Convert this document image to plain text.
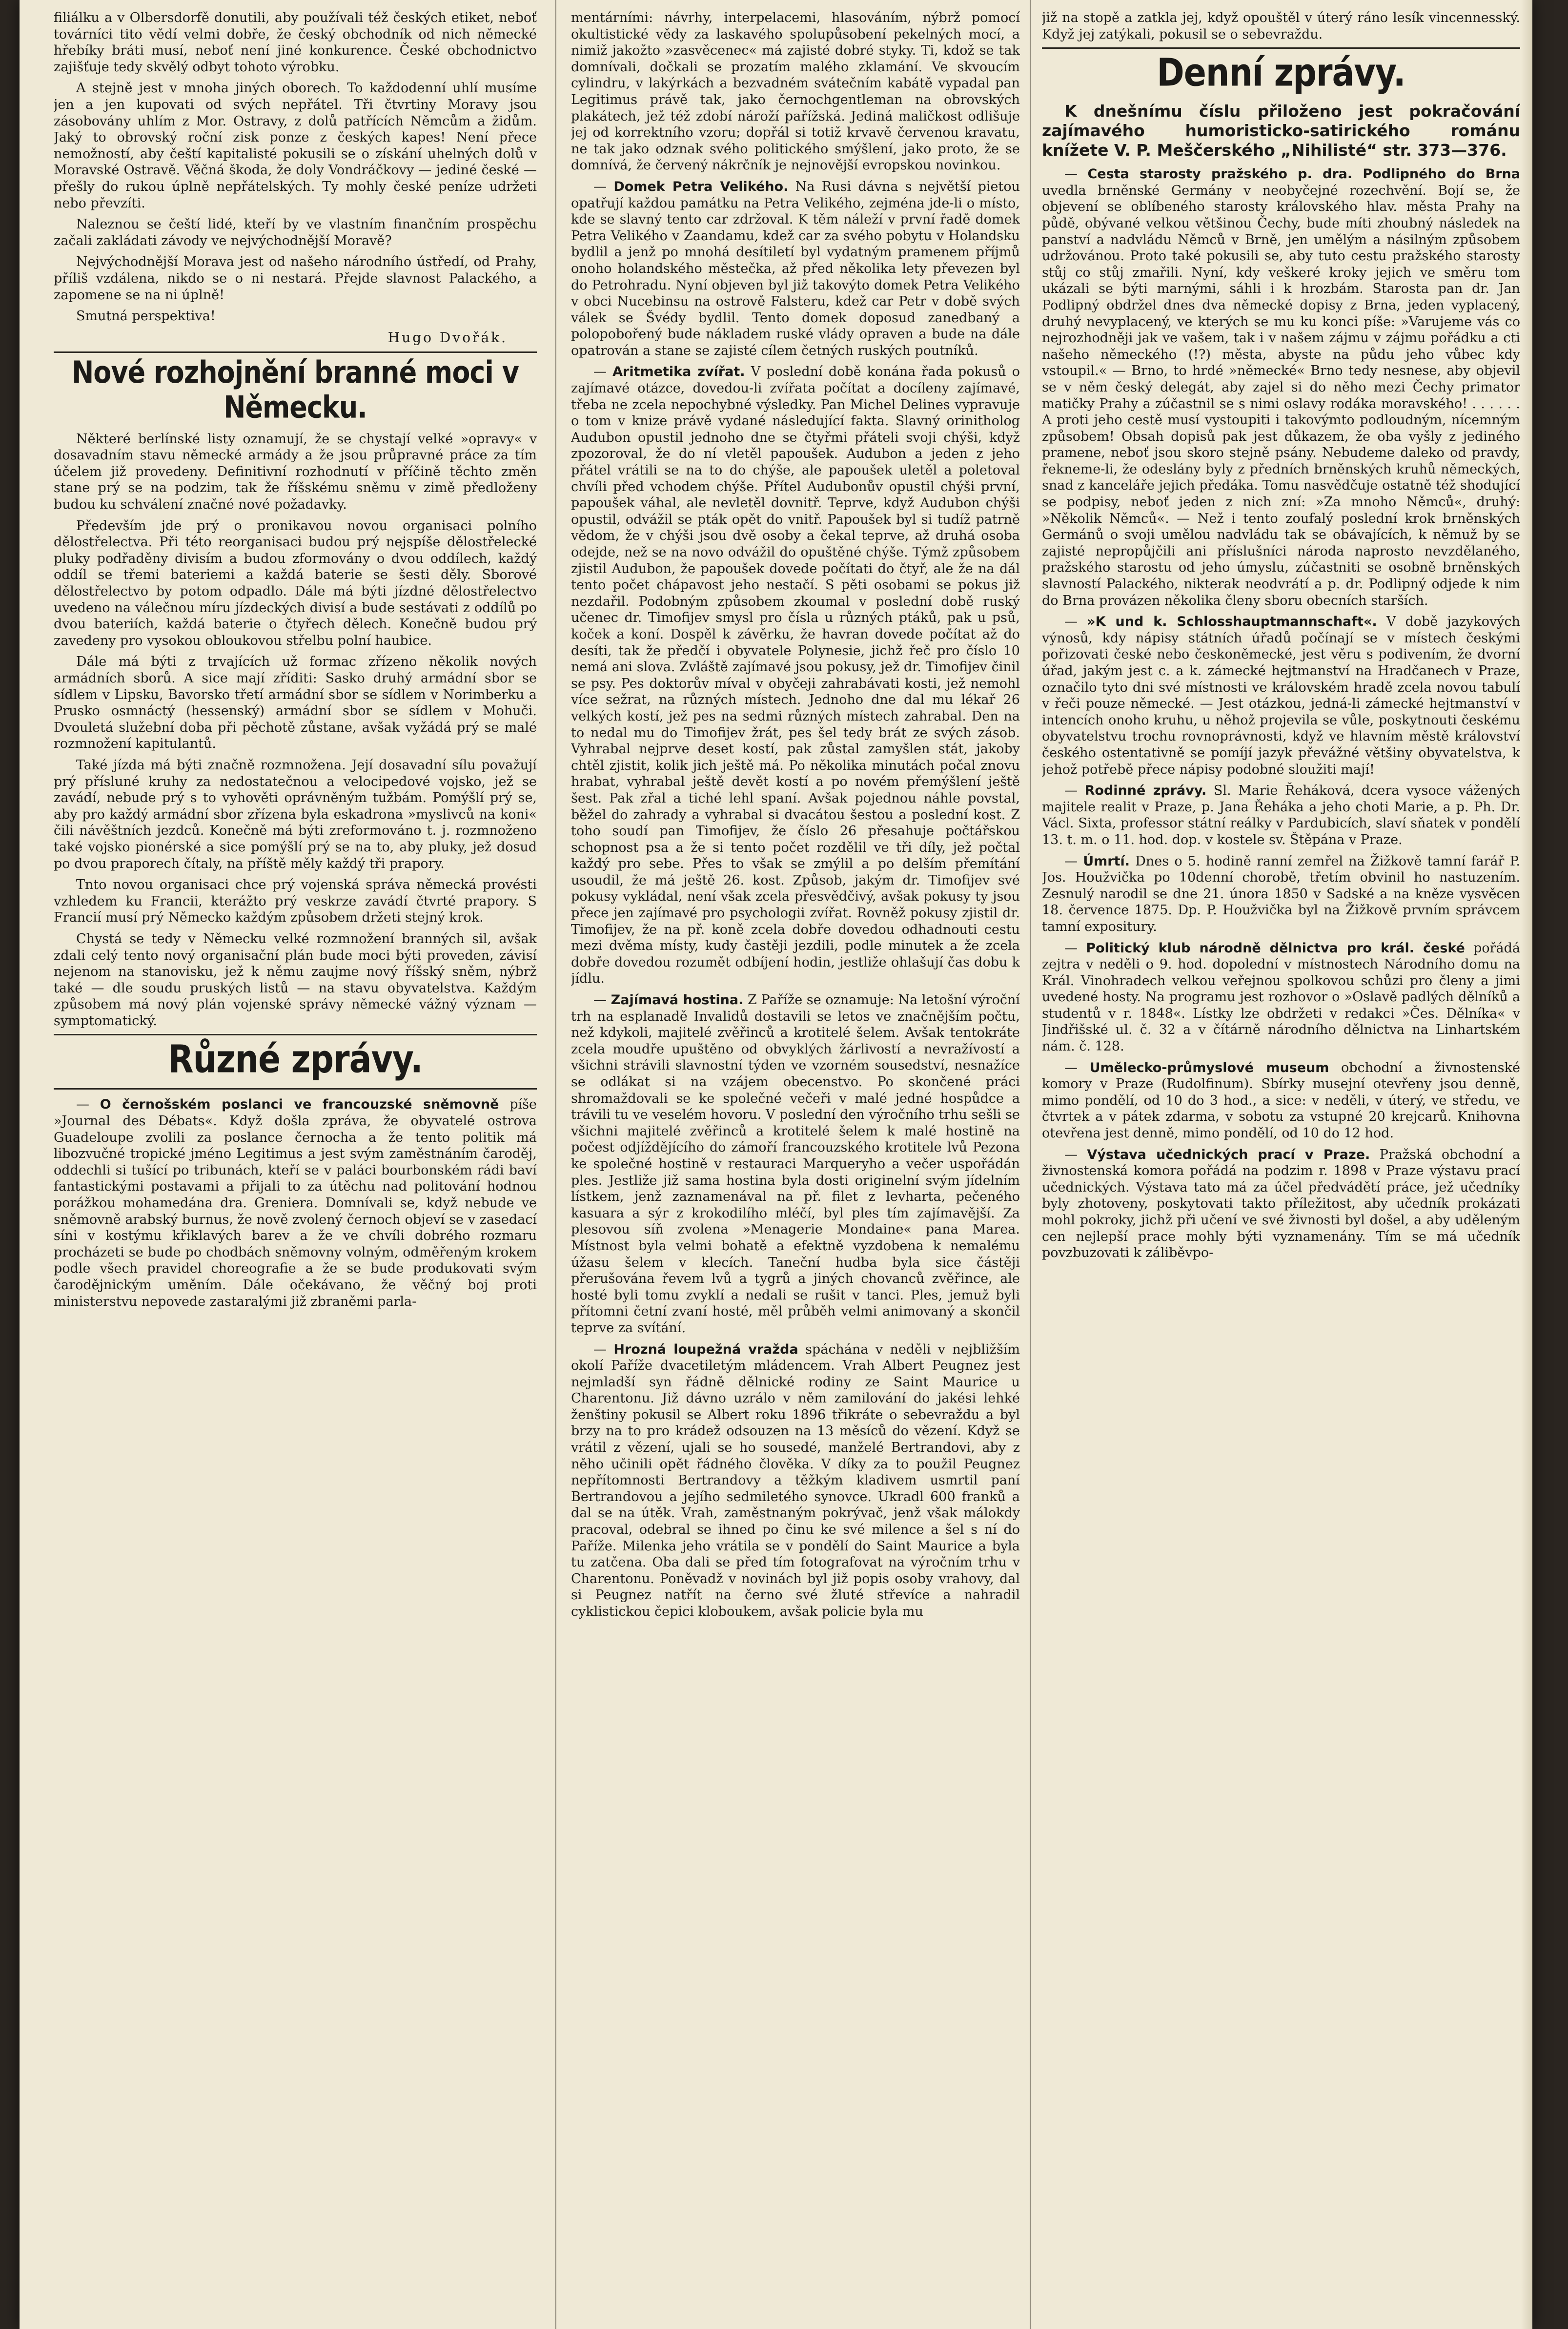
filiálku a v Olbersdorfě donutili, aby používali též českých etiket, neboť továrníci tito vědí velmi dobře, že český obchodník od nich německé hřebíky bráti musí, neboť není jiné konkurence. České obchodnictvo zajišťuje tedy skvělý odbyt tohoto výrobku.

A stejně jest v mnoha jiných oborech. To každodenní uhlí musíme jen a jen kupovati od svých nepřátel. Tři čtvrtiny Moravy jsou zásobovány uhlím z Mor. Ostravy, z dolů patřících Němcům a židům. Jaký to obrovský roční zisk ponze z českých kapes! Není přece nemožností, aby čeští kapitalisté pokusili se o získání uhelných dolů v Moravské Ostravě. Věčná škoda, že doly Vondráčkovy — jediné české — přešly do rukou úplně nepřátelských. Ty mohly české peníze udržeti nebo převzíti.

Naleznou se čeští lidé, kteří by ve vlastním finančním prospěchu začali zakládati závody ve nejvýchodnější Moravě?

Nejvýchodnější Morava jest od našeho národního ústředí, od Prahy, příliš vzdálena, nikdo se o ni nestará. Přejde slavnost Palackého, a zapomene se na ni úplně!

Smutná perspektiva!

Hugo Dvořák.
Nové rozhojnění branné moci v Německu.

Některé berlínské listy oznamují, že se chystají velké »opravy« v dosavadním stavu německé armády a že jsou průpravné práce za tím účelem již provedeny. Definitivní rozhodnutí v příčině těchto změn stane prý se na podzim, tak že říšskému sněmu v zimě předloženy budou ku schválení značné nové požadavky.

Především jde prý o pronikavou novou organisaci polního dělostřelectva. Při této reorganisaci budou prý nejspíše dělostřelecké pluky podřaděny divisím a budou zformovány o dvou oddílech, každý oddíl se třemi bateriemi a každá baterie se šesti děly. Sborové dělostřelectvo by potom odpadlo. Dále má býti jízdné dělostřelectvo uvedeno na válečnou míru jízdeckých divisí a bude sestávati z oddílů po dvou bateriích, každá baterie o čtyřech dělech. Konečně budou prý zavedeny pro vysokou obloukovou střelbu polní haubice.

Dále má býti z trvajících už formac zřízeno několik nových armádních sborů. A sice mají zříditi: Sasko druhý armádní sbor se sídlem v Lipsku, Bavorsko třetí armádní sbor se sídlem v Norimberku a Prusko osmnáctý (hessenský) armádní sbor se sídlem v Mohuči. Dvouletá služební doba při pěchotě zůstane, avšak vyžádá prý se malé rozmnožení kapitulantů.

Také jízda má býti značně rozmnožena. Její dosavadní sílu považují prý přísluné kruhy za nedostatečnou a velocipedové vojsko, jež se zavádí, nebude prý s to vyhověti oprávněným tužbám. Pomýšlí prý se, aby pro každý armádní sbor zřízena byla eskadrona »myslivců na koni« čili návěštních jezdců. Konečně má býti zreformováno t. j. rozmnoženo také vojsko pionérské a sice pomýšlí prý se na to, aby pluky, jež dosud po dvou praporech čítaly, na příště měly každý tři prapory.

Tnto novou organisaci chce prý vojenská správa německá provésti vzhledem ku Francii, kterážto prý veskrze zavádí čtvrté prapory. S Francií musí prý Německo každým způsobem držeti stejný krok.

Chystá se tedy v Německu velké rozmnožení branných sil, avšak zdali celý tento nový organisační plán bude moci býti proveden, závisí nejenom na stanovisku, jež k němu zaujme nový říšský sněm, nýbrž také — dle soudu pruských listů — na stavu obyvatelstva. Každým způsobem má nový plán vojenské správy německé vážný význam — symptomatický.

Různé zprávy.

— O černošském poslanci ve francouzské sněmovně píše »Journal des Débats«. Když došla zpráva, že obyvatelé ostrova Guadeloupe zvolili za poslance černocha a že tento politik má libozvučné tropické jméno Legitimus a jest svým zaměstnáním čaroděj, oddechli si tušící po tribunách, kteří se v paláci bourbonském rádi baví fantastickými postavami a přijali to za útěchu nad politování hodnou porážkou mohamedána dra. Greniera. Domnívali se, když nebude ve sněmovně arabský burnus, že nově zvolený černoch objeví se v zasedací síni v kostýmu křiklavých barev a že ve chvíli dobrého rozmaru procházeti se bude po chodbách sněmovny volným, odměřeným krokem podle všech pravidel choreografie a že se bude produkovati svým čarodějnickým uměním. Dále očekávano, že věčný boj proti ministerstvu nepovede zastaralými již zbraněmi parla-

mentárními: návrhy, interpelacemi, hlasováním, nýbrž pomocí okultistické vědy za laskavého spolupůsobení pekelných mocí, a nimiž jakožto »zasvěcenec« má zajisté dobré styky. Ti, kdož se tak domnívali, dočkali se prozatím malého zklamání. Ve skvoucím cylindru, v lakýrkách a bezvadném svátečním kabátě vypadal pan Legitimus právě tak, jako černochgentleman na obrovských plakátech, jež též zdobí nároží pařížská. Jediná maličkost odlišuje jej od korrektního vzoru; dopřál si totiž krvavě červenou kravatu, ne tak jako odznak svého politického smýšlení, jako proto, že se domnívá, že červený nákrčník je nejnovější evropskou novinkou.

— Domek Petra Velikého. Na Rusi dávna s největší pietou opatřují každou památku na Petra Velikého, zejména jde-li o místo, kde se slavný tento car zdržoval. K těm náleží v první řadě domek Petra Velikého v Zaandamu, kdež car za svého pobytu v Holandsku bydlil a jenž po mnohá desítiletí byl vydatným pramenem příjmů onoho holandského městečka, až před několika lety převezen byl do Petrohradu. Nyní objeven byl již takovýto domek Petra Velikého v obci Nucebinsu na ostrově Falsteru, kdež car Petr v době svých válek se Švédy bydlil. Tento domek doposud zanedbaný a polopobořený bude nákladem ruské vlády opraven a bude na dále opatrován a stane se zajisté cílem četných ruských poutníků.

— Aritmetika zvířat. V poslední době konána řada pokusů o zajímavé otázce, dovedou-li zvířata počítat a docíleny zajímavé, třeba ne zcela nepochybné výsledky. Pan Michel Delines vypravuje o tom v knize právě vydané následující fakta. Slavný orinitholog Audubon opustil jednoho dne se čtyřmi přáteli svoji chýši, když zpozoroval, že do ní vletěl papoušek. Audubon a jeden z jeho přátel vrátili se na to do chýše, ale papoušek uletěl a poletoval chvíli před vchodem chýše. Přítel Audubonův opustil chýši první, papoušek váhal, ale nevletěl dovnitř. Teprve, když Audubon chýši opustil, odvážil se pták opět do vnitř. Papoušek byl si tudíž patrně vědom, že v chýši jsou dvě osoby a čekal teprve, až druhá osoba odejde, než se na novo odvážil do opuštěné chýše. Týmž způsobem zjistil Audubon, že papoušek dovede počítati do čtyř, ale že na dál tento počet chápavost jeho nestačí. S pěti osobami se pokus již nezdařil. Podobným způsobem zkoumal v poslední době ruský učenec dr. Timofijev smysl pro čísla u různých ptáků, pak u psů, koček a koní. Dospěl k závěrku, že havran dovede počítat až do desíti, tak že předčí i obyvatele Polynesie, jichž řeč pro číslo 10 nemá ani slova. Zvláště zajímavé jsou pokusy, jež dr. Timofijev činil se psy. Pes doktorův míval v obyčeji zahrabávati kosti, jež nemohl více sežrat, na různých místech. Jednoho dne dal mu lékař 26 velkých kostí, jež pes na sedmi různých místech zahrabal. Den na to nedal mu do Timofijev žrát, pes šel tedy brát ze svých zásob. Vyhrabal nejprve deset kostí, pak zůstal zamyšlen stát, jakoby chtěl zjistit, kolik jich ještě má. Po několika minutách počal znovu hrabat, vyhrabal ještě devět kostí a po novém přemýšlení ještě šest. Pak zřal a tiché lehl spaní. Avšak pojednou náhle povstal, běžel do zahrady a vyhrabal si dvacátou šestou a poslední kost. Z toho soudí pan Timofijev, že číslo 26 přesahuje počtářskou schopnost psa a že si tento počet rozdělil ve tři díly, jež počtal každý pro sebe. Přes to však se zmýlil a po delším přemítání usoudil, že má ještě 26. kost. Způsob, jakým dr. Timofijev své pokusy vykládal, není však zcela přesvědčivý, avšak pokusy ty jsou přece jen zajímavé pro psychologii zvířat. Rovněž pokusy zjistil dr. Timofijev, že na př. koně zcela dobře dovedou odhadnouti cestu mezi dvěma místy, kudy častěji jezdili, podle minutek a že zcela dobře dovedou rozumět odbíjení hodin, jestliže ohlašují čas dobu k jídlu.

— Zajímavá hostina. Z Paříže se oznamuje: Na letošní výroční trh na esplanadě Invalidů dostavili se letos ve značnějším počtu, než kdykoli, majitelé zvěřinců a krotitelé šelem. Avšak tentokráte zcela moudře upuštěno od obvyklých žárlivostí a nevražívostí a všichni strávili slavnostní týden ve vzorném sousedství, nesnažíce se odlákat si na vzájem obecenstvo. Po skončené práci shromaždovali se ke společné večeři v malé jedné hospůdce a trávili tu ve veselém hovoru. V poslední den výročního trhu sešli se všichni majitelé zvěřinců a krotitelé šelem k malé hostině na počest odjíždějícího do zámoří francouzského krotitele lvů Pezona ke společné hostině v restauraci Marqueryho a večer uspořádán ples. Jestliže již sama hostina byla dosti originelní svým jídelním lístkem, jenž zaznamenával na př. filet z levharta, pečeného kasuara a sýr z krokodilího mléčí, byl ples tím zajímavější. Za plesovou síň zvolena »Menagerie Mondaine« pana Marea. Místnost byla velmi bohatě a efektně vyzdobena k nemalému úžasu šelem v klecích. Taneční hudba byla sice částěji přerušována řevem lvů a tygrů a jiných chovanců zvěřince, ale hosté byli tomu zvyklí a nedali se rušit v tanci. Ples, jemuž byli přítomni četní zvaní hosté, měl průběh velmi animovaný a skončil teprve za svítání.

— Hrozná loupežná vražda spáchána v neděli v nejbližším okolí Paříže dvacetiletým mládencem. Vrah Albert Peugnez jest nejmladší syn řádně dělnické rodiny ze Saint Maurice u Charentonu. Již dávno uzrálo v něm zamilování do jakési lehké ženštiny pokusil se Albert roku 1896 třikráte o sebevraždu a byl brzy na to pro krádež odsouzen na 13 měsíců do vězení. Když se vrátil z vězení, ujali se ho sousedé, manželé Bertrandovi, aby z něho učinili opět řádného člověka. V díky za to použil Peugnez nepřítomnosti Bertrandovy a těžkým kladivem usmrtil paní Bertrandovou a jejího sedmiletého synovce. Ukradl 600 franků a dal se na útěk. Vrah, zaměstnaným pokrývač, jenž však málokdy pracoval, odebral se ihned po činu ke své milence a šel s ní do Paříže. Milenka jeho vrátila se v pondělí do Saint Maurice a byla tu zatčena. Oba dali se před tím fotografovat na výročním trhu v Charentonu. Poněvadž v novinách byl již popis osoby vrahovy, dal si Peugnez natřít na černo své žluté střevíce a nahradil cyklistickou čepici kloboukem, avšak policie byla mu

již na stopě a zatkla jej, když opouštěl v úterý ráno lesík vincennesský. Když jej zatýkali, pokusil se o sebevraždu.

Denní zprávy.
K dnešnímu číslu přiloženo jest pokračování zajímavého humoristicko-satirického románu knížete V. P. Meščerského „Nihilisté“ str. 373—376.

— Cesta starosty pražského p. dra. Podlipného do Brna uvedla brněnské Germány v neobyčejné rozechvění. Bojí se, že objevení se oblíbeného starosty královského hlav. města Prahy na půdě, obývané velkou většinou Čechy, bude míti zhoubný následek na panství a nadvládu Němců v Brně, jen umělým a násilným způsobem udržovánou. Proto také pokusili se, aby tuto cestu pražského starosty stůj co stůj zmařili. Nyní, kdy veškeré kroky jejich ve směru tom ukázali se býti marnými, sáhli i k hrozbám. Starosta pan dr. Jan Podlipný obdržel dnes dva německé dopisy z Brna, jeden vyplacený, druhý nevyplacený, ve kterých se mu ku konci píše: »Varujeme vás co nejrozhodněji jak ve vašem, tak i v našem zájmu v zájmu pořádku a cti našeho německého (!?) města, abyste na půdu jeho vůbec kdy vstoupil.« — Brno, to hrdé »německé« Brno tedy nesnese, aby objevil se v něm český delegát, aby zajel si do něho mezi Čechy primator matičky Prahy a zúčastnil se s nimi oslavy rodáka moravského! . . . . . . A proti jeho cestě musí vystoupiti i takovýmto podloudným, nícemným způsobem! Obsah dopisů pak jest důkazem, že oba vyšly z jediného pramene, neboť jsou skoro stejně psány. Nebudeme daleko od pravdy, řekneme-li, že odeslány byly z předních brněnských kruhů německých, snad z kanceláře jejich předáka. Tomu nasvědčuje ostatně též shodující se podpisy, neboť jeden z nich zní: »Za mnoho Němců«, druhý: »Několik Němců«. — Než i tento zoufalý poslední krok brněnských Germánů o svoji umělou nadvládu tak se obávajících, k němuž by se zajisté nepropůjčili ani příslušníci národa naprosto nevzdělaného, pražského starostu od jeho úmyslu, zúčastniti se osobně brněnských slavností Palackého, nikterak neodvrátí a p. dr. Podlipný odjede k nim do Brna provázen několika členy sboru obecních starších.

— »K und k. Schlosshauptmannschaft«. V době jazykových výnosů, kdy nápisy státních úřadů počínají se v místech českými pořizovati české nebo českoněmecké, jest věru s podivením, že dvorní úřad, jakým jest c. a k. zámecké hejtmanství na Hradčanech v Praze, označilo tyto dni své místnosti ve královském hradě zcela novou tabulí v řeči pouze německé. — Jest otázkou, jedná-li zámecké hejtmanství v intencích onoho kruhu, u něhož projevila se vůle, poskytnouti českému obyvatelstvu trochu rovnoprávnosti, když ve hlavním městě království českého ostentativně se pomíjí jazyk převážné většiny obyvatelstva, k jehož potřebě přece nápisy podobné sloužiti mají!

— Rodinné zprávy. Sl. Marie Řeháková, dcera vysoce vážených majitele realit v Praze, p. Jana Řeháka a jeho choti Marie, a p. Ph. Dr. Václ. Sixta, professor státní reálky v Pardubicích, slaví sňatek v pondělí 13. t. m. o 11. hod. dop. v kostele sv. Štěpána v Praze.

— Úmrtí. Dnes o 5. hodině ranní zemřel na Žižkově tamní farář P. Jos. Houžvička po 10denní chorobě, třetím obvinil ho nastuzením. Zesnulý narodil se dne 21. února 1850 v Sadské a na kněze vysvěcen 18. července 1875. Dp. P. Houžvička byl na Žižkově prvním správcem tamní expositury.

— Politický klub národně dělnictva pro král. české pořádá zejtra v neděli o 9. hod. dopolední v místnostech Národního domu na Král. Vinohradech velkou veřejnou spolkovou schůzi pro členy a jimi uvedené hosty. Na programu jest rozhovor o »Oslavě padlých dělníků a studentů v r. 1848«. Lístky lze obdržeti v redakci »Čes. Dělníka« v Jindřišské ul. č. 32 a v čítárně národního dělnictva na Linhartském nám. č. 128.

— Umělecko-průmyslové museum obchodní a živnostenské komory v Praze (Rudolfinum). Sbírky musejní otevřeny jsou denně, mimo pondělí, od 10 do 3 hod., a sice: v neděli, v úterý, ve středu, ve čtvrtek a v pátek zdarma, v sobotu za vstupné 20 krejcarů. Knihovna otevřena jest denně, mimo pondělí, od 10 do 12 hod.

— Výstava učednických prací v Praze. Pražská obchodní a živnostenská komora pořádá na podzim r. 1898 v Praze výstavu prací učednických. Výstava tato má za účel předvádětí práce, jež učedníky byly zhotoveny, poskytovati takto příležitost, aby učedník prokázati mohl pokroky, jichž při učení ve své živnosti byl došel, a aby uděleným cen nejlepší prace mohly býti vyznamenány. Tím se má učedník povzbuzovati k záliběvpo-
